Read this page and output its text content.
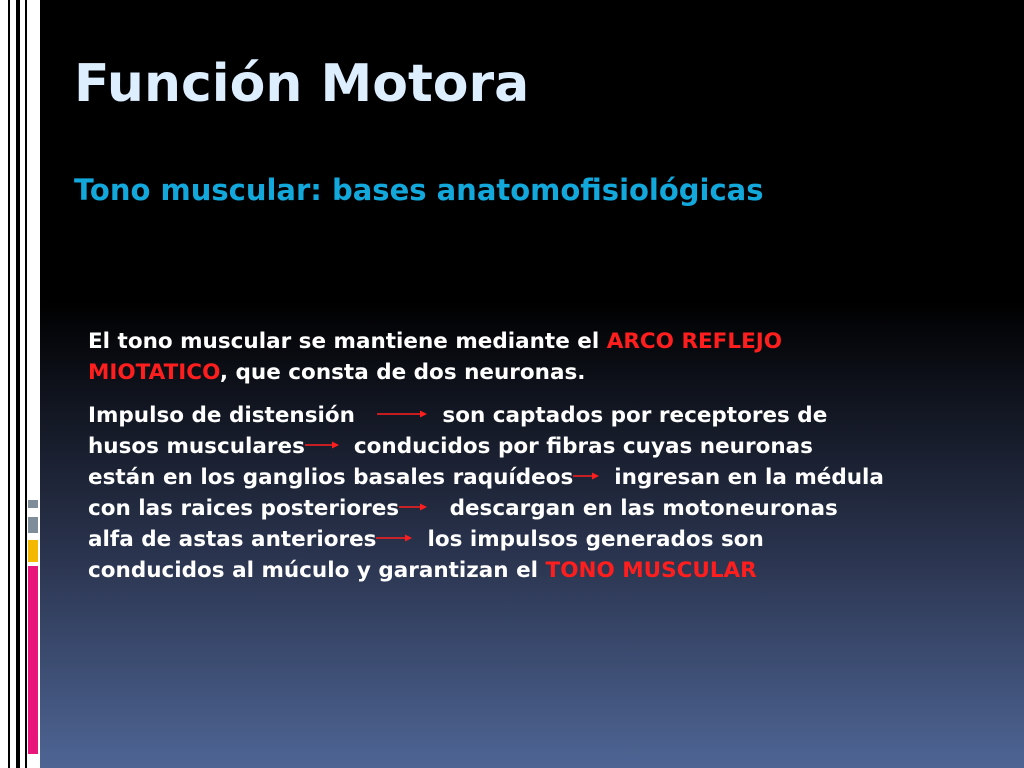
Función Motora
Tono muscular: bases anatomofisiológicas
El tono muscular se mantiene mediante el ARCO REFLEJO
MIOTATICO, que consta de dos neuronas.
Impulso de distensión	son captados por receptores de
husos musculares conducidos por fibras cuyas neuronas
están en los ganglios basales raquídeos ingresan en la médula
con las raices posteriores descargan en las motoneuronas
alfa de astas anteriores los impulsos generados son
conducidos al múculo y garantizan el TONO MUSCULAR
